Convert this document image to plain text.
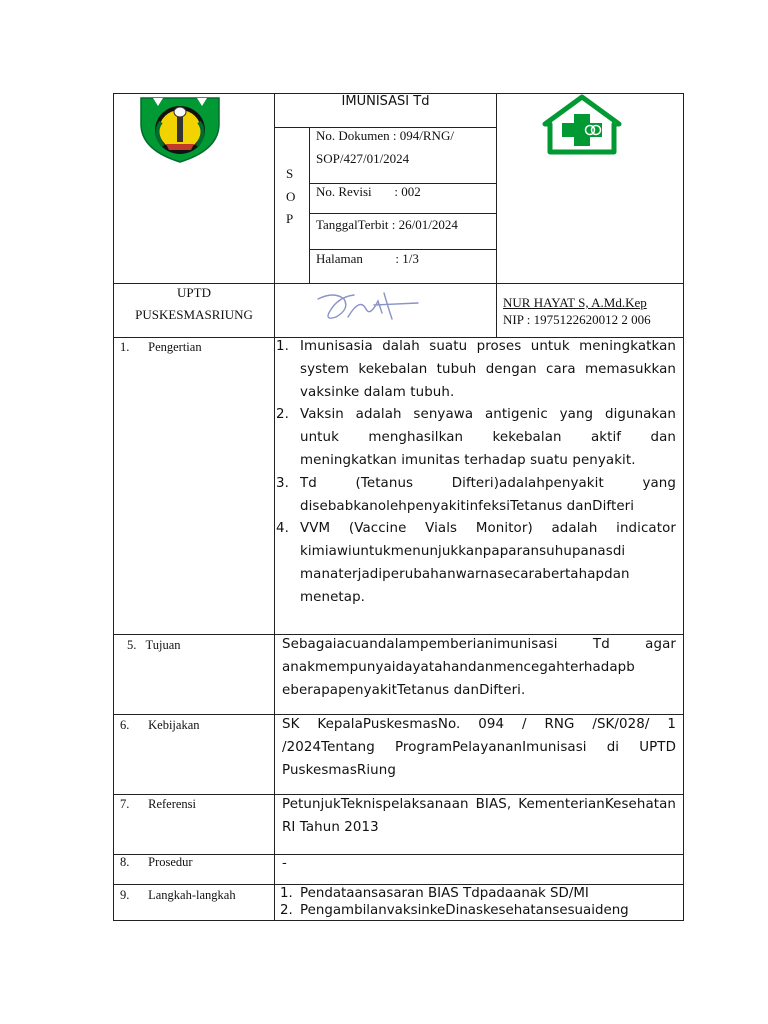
IMUNISASI Td
S
O
P
No. Dokumen : 094/RNG/
SOP/427/01/2024
No. Revisi       : 002
TanggalTerbit : 26/01/2024
Halaman          : 1/3
UPTD
PUSKESMASRIUNG
NUR HAYAT S, A.Md.Kep
NIP : 1975122620012 2 006
1.      Pengertian	1. Imunisasia dalah suatu proses untuk meningkatkan system kekebalan tubuh dengan cara memasukkan vaksinke dalam tubuh.
2. Vaksin adalah senyawa antigenic yang digunakan untuk menghasilkan kekebalan aktif dan meningkatkan imunitas terhadap suatu penyakit.
3. Td (Tetanus Difteri)adalahpenyakit yang disebabkanolehpenyakitinfeksiTetanus danDifteri
4. VVM (Vaccine Vials Monitor) adalah indicator kimiawiuntukmenunjukkanpaparansuhupanasdi manaterjadiperubahanwarnasecarabertahapdan menetap.
5.   Tujuan	Sebagaiacuandalampemberianimunisasi Td agar anakmempunyaidayatahandanmencegahterhadapb eberapapenyakitTetanus danDifteri.
6.      Kebijakan	SK KepalaPuskesmasNo. 094 / RNG /SK/028/ 1 /2024Tentang ProgramPelayananImunisasi di UPTD PuskesmasRiung
7.      Referensi	PetunjukTeknispelaksanaan BIAS, KementerianKesehatan RI Tahun 2013
8.      Prosedur	-
9.      Langkah-langkah	1. Pendataansasaran BIAS Tdpadaanak SD/MI
2. PengambilanvaksinkeDinaskesehatansesuaideng
